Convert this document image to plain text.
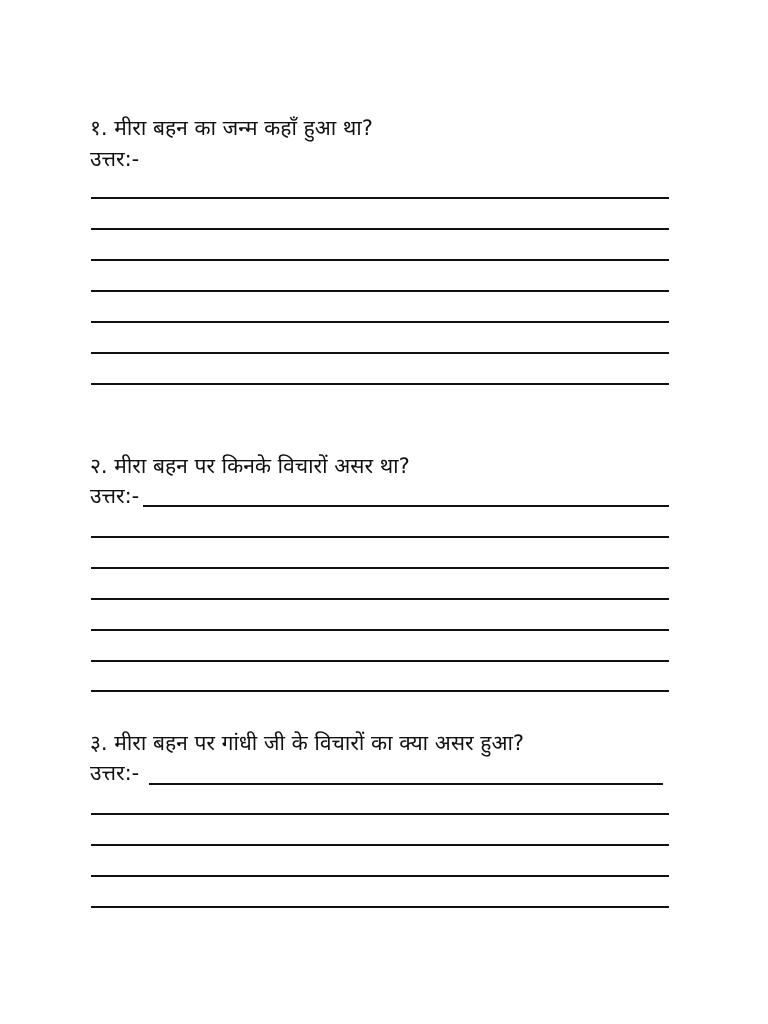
१. मीरा बहन का जन्म कहाँ हुआ था?
उत्तर:-
२. मीरा बहन पर किनके विचारों असर था?
उत्तर:-
३. मीरा बहन पर गांधी जी के विचारों का क्या असर हुआ?
उत्तर:-
